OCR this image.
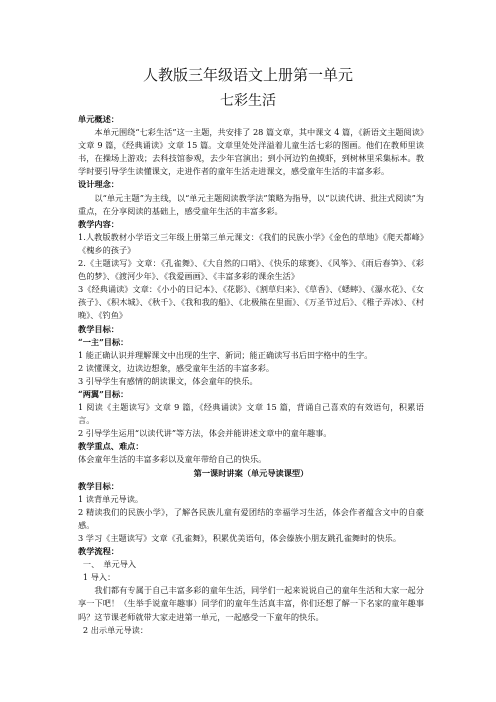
人教版三年级语文上册第一单元
七彩生活

单元概述：

本单元围绕“七彩生活”这一主题，共安排了 28 篇文章，其中课文 4 篇，《新语文主题阅读》文章 9 篇，《经典诵读》文章 15 篇。文章里处处洋溢着儿童生活七彩的图画。他们在教师里读书，在操场上游戏；去科技馆参观，去少年宫演出；到小河边钓鱼摸虾，到树林里采集标本。教学时要引导学生读懂课文，走进作者的童年生活走进课文，感受童年生活的丰富多彩。

设计理念：

以“单元主题”为主线，以“单元主题阅读教学法”策略为指导，以“以读代讲、批注式阅读”为重点，在分享阅读的基础上，感受童年生活的丰富多彩。

教学内容：

1.人教版教材小学语文三年级上册第三单元课文：《我们的民族小学》《金色的草地》《爬天都峰》《槐乡的孩子》

2.《主题读写》文章：《孔雀舞》、《大自然的口哨》、《快乐的球赛》、《风筝》、《雨后春笋》、《彩色的梦》、《渡河少年》、《我爱画画》、《丰富多彩的课余生活》

3《经典诵读》文章：《小小的日记本》、《花影》、《割草归来》、《草香》、《蟋蟀》、《瀑水花》、《女孩子》、《积木城》、《秋千》、《我和我的船》、《北极熊在里面》、《万圣节过后》、《稚子弄冰》、《村晚》、《钓鱼》

教学目标：

“一主”目标：

1 能正确认识并理解课文中出现的生字、新词；能正确读写书后田字格中的生字。

2 读懂课文，边读边想象，感受童年生活的丰富多彩。

3 引导学生有感情的朗读课文，体会童年的快乐。

“两翼”目标：

1 阅读《主题读写》文章 9 篇，《经典诵读》文章 15 篇，背诵自己喜欢的有效语句，积累语言。

2 引导学生运用“以读代讲”等方法，体会并能讲述文章中的童年趣事。

教学重点、难点：

体会童年生活的丰富多彩以及童年带给自己的快乐。

第一课时讲案（单元导读课型）

教学目标：

1 读背单元导读。

2 精读我们的民族小学》，了解各民族儿童有爱团结的幸福学习生活，体会作者蕴含文中的自豪感。

3 学习《主题读写》文章《孔雀舞》，积累优美语句，体会傣族小朋友跳孔雀舞时的快乐。

教学流程：

一、　单元导入

1 导入：

我们都有专属于自己丰富多彩的童年生活，同学们一起来说说自己的童年生活和大家一起分享一下吧！（生举手说童年趣事）同学们的童年生活真丰富，你们还想了解一下名家的童年趣事吗？这节课老师就带大家走进第一单元，一起感受一下童年的快乐。

2 出示单元导读：
